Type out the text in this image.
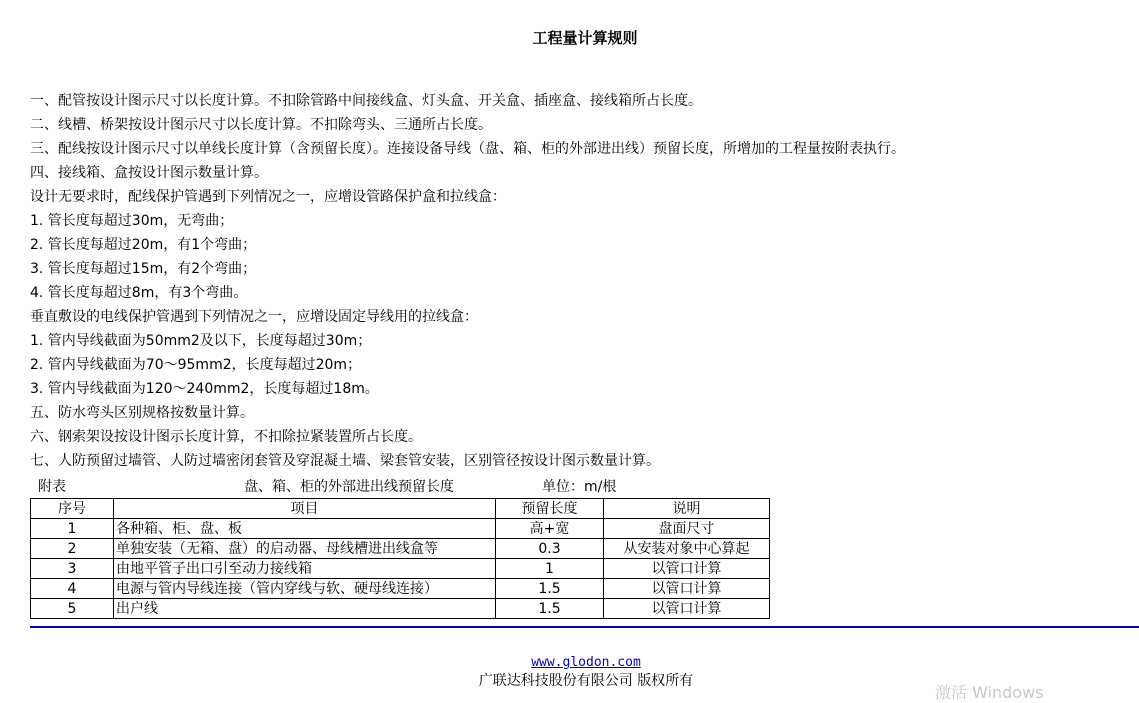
工程量计算规则
一、配管按设计图示尺寸以长度计算。不扣除管路中间接线盒、灯头盒、开关盒、插座盒、接线箱所占长度。
二、线槽、桥架按设计图示尺寸以长度计算。不扣除弯头、三通所占长度。
三、配线按设计图示尺寸以单线长度计算（含预留长度）。连接设备导线（盘、箱、柜的外部进出线）预留长度，所增加的工程量按附表执行。
四、接线箱、盒按设计图示数量计算。
设计无要求时，配线保护管遇到下列情况之一，应增设管路保护盒和拉线盒：
1. 管长度每超过30m，无弯曲；
2. 管长度每超过20m，有1个弯曲；
3. 管长度每超过15m，有2个弯曲；
4. 管长度每超过8m，有3个弯曲。
垂直敷设的电线保护管遇到下列情况之一，应增设固定导线用的拉线盒：
1. 管内导线截面为50mm2及以下，长度每超过30m；
2. 管内导线截面为70～95mm2，长度每超过20m；
3. 管内导线截面为120～240mm2，长度每超过18m。
五、防水弯头区别规格按数量计算。
六、钢索架设按设计图示长度计算，不扣除拉紧装置所占长度。
七、人防预留过墙管、人防过墙密闭套管及穿混凝土墙、梁套管安装，区别管径按设计图示数量计算。
附表	盘、箱、柜的外部进出线预留长度	单位：m/根
序号	项目	预留长度	说明
1	各种箱、柜、盘、板	高+宽	盘面尺寸
2	单独安装（无箱、盘）的启动器、母线槽进出线盒等	0.3	从安装对象中心算起
3	由地平管子出口引至动力接线箱	1	以管口计算
4	电源与管内导线连接（管内穿线与软、硬母线连接）	1.5	以管口计算
5	出户线	1.5	以管口计算
www.glodon.com
广联达科技股份有限公司 版权所有
激活 Windows
